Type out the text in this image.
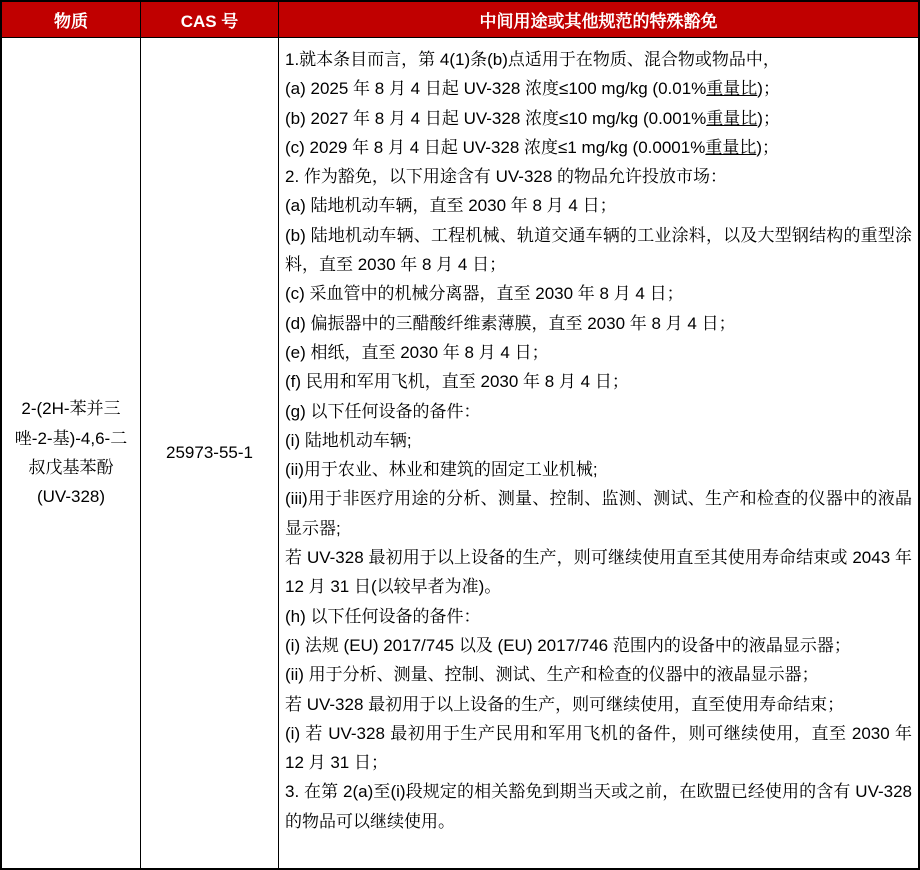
物质	CAS 号	中间用途或其他规范的特殊豁免
2-(2H-苯并三唑-2-基)-4,6-二叔戊基苯酚 (UV-328)
25973-55-1
1.就本条目而言，第 4(1)条(b)点适用于在物质、混合物或物品中，
(a) 2025 年 8 月 4 日起 UV-328 浓度≤100 mg/kg (0.01%重量比)；
(b) 2027 年 8 月 4 日起 UV-328 浓度≤10 mg/kg (0.001%重量比)；
(c) 2029 年 8 月 4 日起 UV-328 浓度≤1 mg/kg (0.0001%重量比)；
2. 作为豁免，以下用途含有 UV-328 的物品允许投放市场：
(a) 陆地机动车辆，直至 2030 年 8 月 4 日；
(b) 陆地机动车辆、工程机械、轨道交通车辆的工业涂料，以及大型钢结构的重型涂料，直至 2030 年 8 月 4 日；
(c) 采血管中的机械分离器，直至 2030 年 8 月 4 日；
(d) 偏振器中的三醋酸纤维素薄膜，直至 2030 年 8 月 4 日；
(e) 相纸，直至 2030 年 8 月 4 日；
(f) 民用和军用飞机，直至 2030 年 8 月 4 日；
(g) 以下任何设备的备件：
(i) 陆地机动车辆;
(ii)用于农业、林业和建筑的固定工业机械;
(iii)用于非医疗用途的分析、测量、控制、监测、测试、生产和检查的仪器中的液晶显示器;
若 UV-328 最初用于以上设备的生产，则可继续使用直至其使用寿命结束或 2043 年 12 月 31 日(以较早者为准)。
(h) 以下任何设备的备件：
(i) 法规 (EU) 2017/745 以及 (EU) 2017/746 范围内的设备中的液晶显示器；
(ii) 用于分析、测量、控制、测试、生产和检查的仪器中的液晶显示器；
若 UV-328 最初用于以上设备的生产，则可继续使用，直至使用寿命结束；
(i) 若 UV-328 最初用于生产民用和军用飞机的备件，则可继续使用，直至 2030 年 12 月 31 日；
3. 在第 2(a)至(i)段规定的相关豁免到期当天或之前，在欧盟已经使用的含有 UV-328 的物品可以继续使用。
